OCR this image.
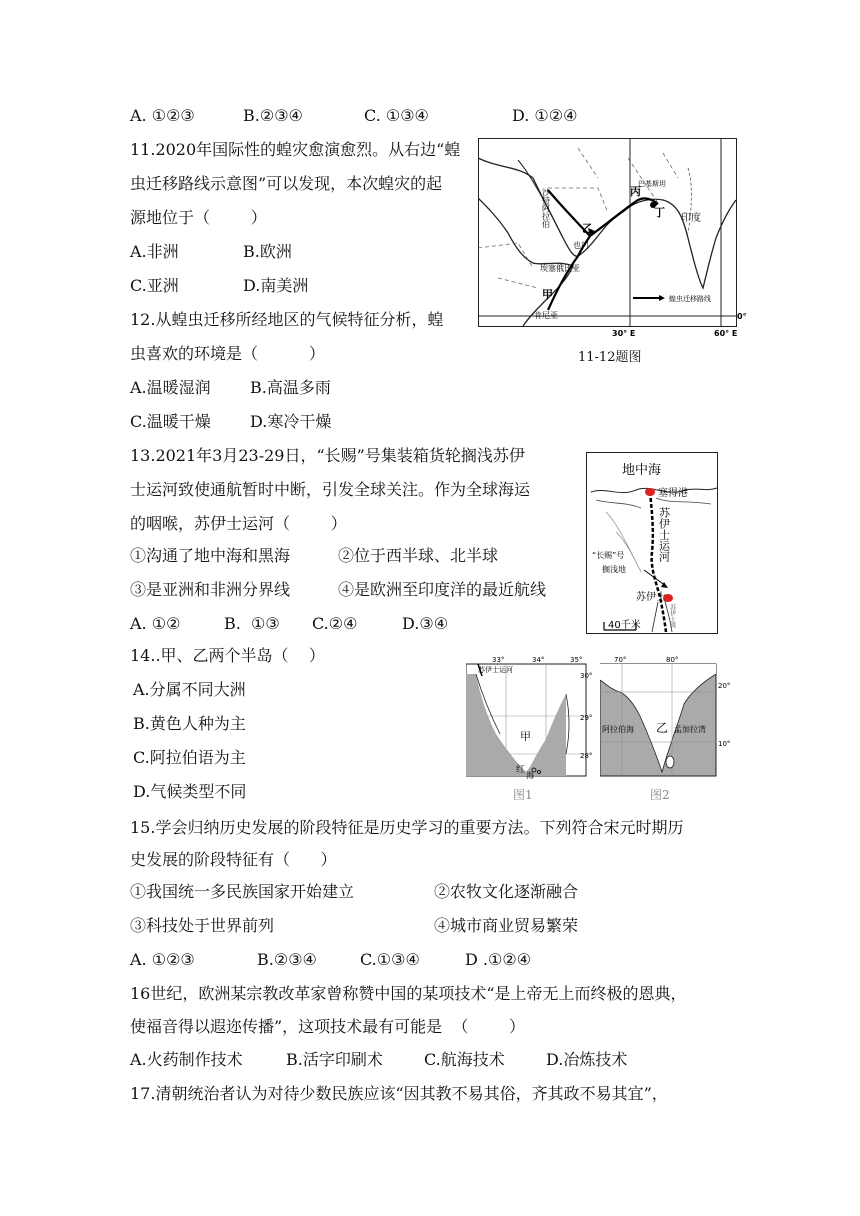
A. ①②③	B.②③④	C. ①③④	D. ①②④
11.2020年国际性的蝗灾愈演愈烈。从右边“蝗
虫迁移路线示意图”可以发现，本次蝗灾的起
源地位于（        ）
A.非洲	B.欧洲
C.亚洲	D.南美洲
12.从蝗虫迁移所经地区的气候特征分析，蝗
虫喜欢的环境是（          ）
A.温暖湿润 B.高温多雨
C.温暖干燥 D.寒冷干燥
丙
丁 印度
乙
甲
也门
沙特阿拉伯
巴基斯坦
埃塞俄比亚
肯尼亚
蝗虫迁移路线
30° E	60° E
0°
11-12题图
13.2021年3月23-29日，“长赐”号集装箱货轮搁浅苏伊
士运河致使通航暂时中断，引发全球关注。作为全球海运
的咽喉，苏伊士运河（        ）
①沟通了地中海和黑海	②位于西半球、北半球
③是亚洲和非洲分界线	④是欧洲至印度洋的最近航线
A. ①②	B.  ①③ C.②④	D.③④
地中海
塞得港
苏伊士运河
“长赐”号
搁浅地
苏伊士
40千米	苏伊士湾
14..甲、乙两个半岛（    ）
A.分属不同大洲
B.黄色人种为主
C.阿拉伯语为主
D.气候类型不同
苏伊士运河
甲
红
海
33°	34°	35°
30°
29°
28°
图1
乙
阿拉伯海	孟加拉湾
70°	80°
20°
10°
图2
15.学会归纳历史发展的阶段特征是历史学习的重要方法。下列符合宋元时期历
史发展的阶段特征有（      ）
①我国统一多民族国家开始建立	②农牧文化逐渐融合
③科技处于世界前列	④城市商业贸易繁荣
A. ①②③	B.②③④	C.①③④	D .①②④
16世纪，欧洲某宗教改革家曾称赞中国的某项技术“是上帝无上而终极的恩典，
使福音得以遐迩传播”，这项技术最有可能是  （        ）
A.火药制作技术	B.活字印刷术	C.航海技术	D.冶炼技术
17.清朝统治者认为对待少数民族应该“因其教不易其俗，齐其政不易其宜”，
